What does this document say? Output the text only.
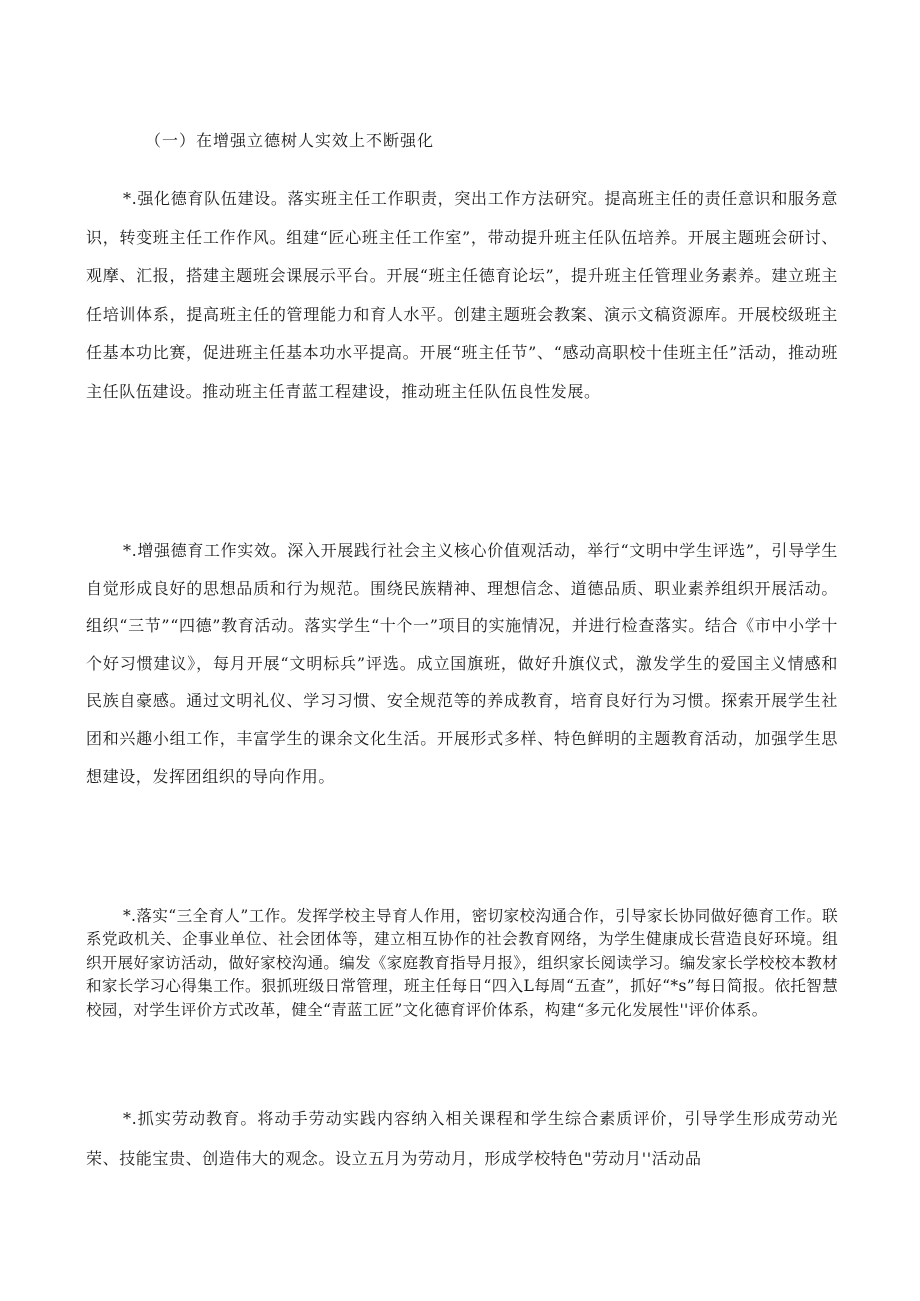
（一）在增强立德树人实效上不断强化

*.强化德育队伍建设。落实班主任工作职责，突出工作方法研究。提高班主任的责任意识和服务意识，转变班主任工作作风。组建“匠心班主任工作室”，带动提升班主任队伍培养。开展主题班会研讨、观摩、汇报，搭建主题班会课展示平台。开展“班主任德育论坛”，提升班主任管理业务素养。建立班主任培训体系，提高班主任的管理能力和育人水平。创建主题班会教案、演示文稿资源库。开展校级班主任基本功比赛，促进班主任基本功水平提高。开展“班主任节”、“感动高职校十佳班主任”活动，推动班主任队伍建设。推动班主任青蓝工程建设，推动班主任队伍良性发展。

*.增强德育工作实效。深入开展践行社会主义核心价值观活动，举行“文明中学生评选”，引导学生自觉形成良好的思想品质和行为规范。围绕民族精神、理想信念、道德品质、职业素养组织开展活动。组织“三节”“四德”教育活动。落实学生“十个一”项目的实施情况，并进行检查落实。结合《市中小学十个好习惯建议》，每月开展“文明标兵”评选。成立国旗班，做好升旗仪式，激发学生的爱国主义情感和民族自豪感。通过文明礼仪、学习习惯、安全规范等的养成教育，培育良好行为习惯。探索开展学生社团和兴趣小组工作，丰富学生的课余文化生活。开展形式多样、特色鲜明的主题教育活动，加强学生思想建设，发挥团组织的导向作用。

*.落实“三全育人”工作。发挥学校主导育人作用，密切家校沟通合作，引导家长协同做好德育工作。联系党政机关、企事业单位、社会团体等，建立相互协作的社会教育网络，为学生健康成长营造良好环境。组织开展好家访活动，做好家校沟通。编发《家庭教育指导月报》，组织家长阅读学习。编发家长学校校本教材和家长学习心得集工作。狠抓班级日常管理，班主任每日“四入L每周“五查”，抓好“*s”每日简报。依托智慧校园，对学生评价方式改革，健全“青蓝工匠”文化德育评价体系，构建“多元化发展性''评价体系。

*.抓实劳动教育。将动手劳动实践内容纳入相关课程和学生综合素质评价，引导学生形成劳动光荣、技能宝贵、创造伟大的观念。设立五月为劳动月，形成学校特色"劳动月''活动品
